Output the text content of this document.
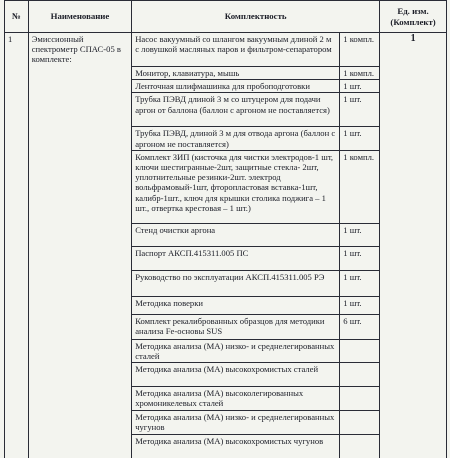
№	Наименование	Комплектность		Ед. изм. (Комплект)
1	Эмиссионный спектрометр СПАС-05 в комплекте:	Насос вакуумный со шлангом вакуумным длиной 2 м с ловушкой масляных паров и фильтром-сепаратором	1 компл.	1
		Монитор, клавиатура, мышь	1 компл.	
		Ленточная шлифмашинка для пробоподготовки	1 шт.	
		Трубка ПЭВД длиной 3 м со штуцером для подачи аргон от баллона (баллон с аргоном не поставляется)	1 шт.	
		Трубка ПЭВД, длиной 3 м для отвода аргона (баллон с аргоном не поставляется)	1 шт.	
		Комплект ЗИП (кисточка для чистки электродов-1 шт, ключи шестигранные-2шт, защитные стекла- 2шт, уплотнительные резинки-2шт. электрод вольфрамовый-1шт, фторопластовая вставка-1шт, калибр-1шт., ключ для крышки столика поджига – 1 шт., отвертка крестовая – 1 шт.)	1 компл.	
		Стенд очистки аргона	1 шт.	
		Паспорт АКСП.415311.005 ПС	1 шт.	
		Руководство по эксплуатации АКСП.415311.005 РЭ	1 шт.	
		Методика поверки	1 шт.	
		Комплект рекалиброванных образцов для методики анализа Fe-основы SUS	6 шт.	
		Методика анализа (МА) низко- и среднелегированных сталей		
		Методика анализа (МА) высокохромистых сталей		
		Методика анализа (МА) высоколегированных хромоникелевых сталей		
		Методика анализа (МА) низко- и среднелегированных чугунов		
		Методика анализа (МА) высокохромистых чугунов		
